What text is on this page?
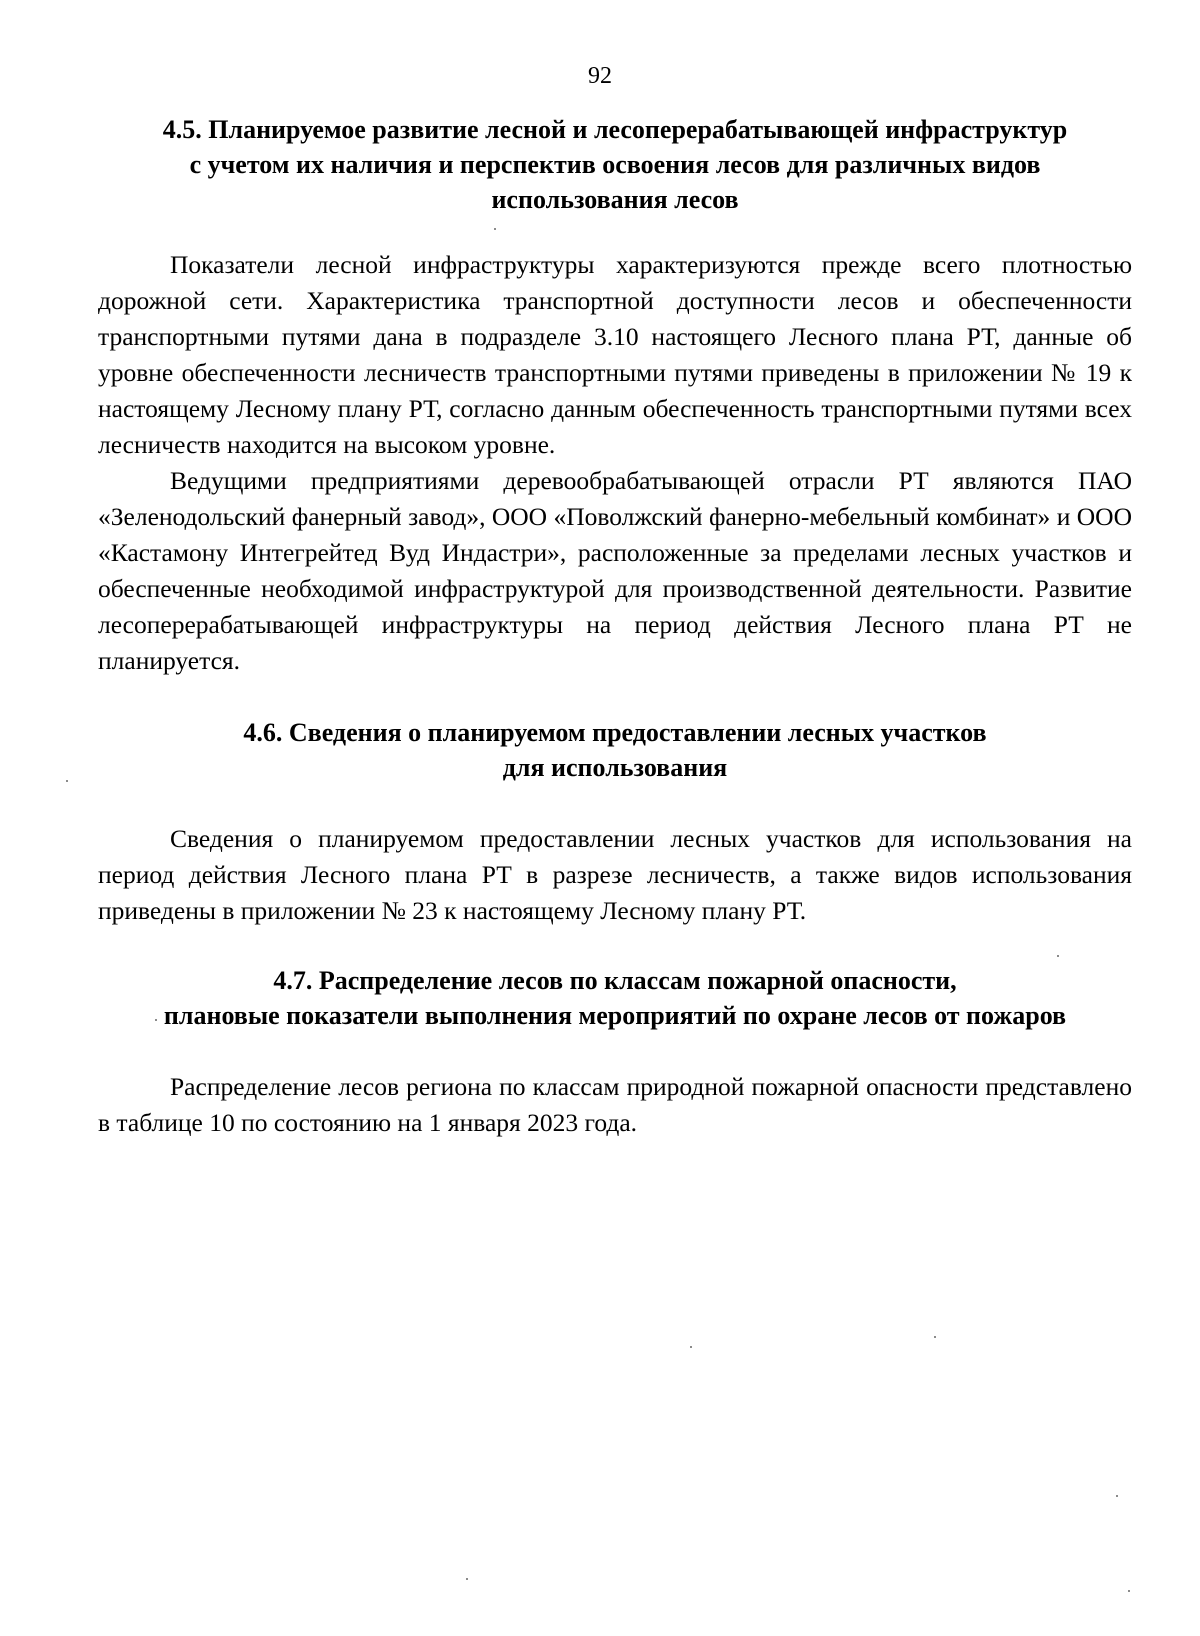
92
4.5. Планируемое развитие лесной и лесоперерабатывающей инфраструктур
с учетом их наличия и перспектив освоения лесов для различных видов
использования лесов

Показатели лесной инфраструктуры характеризуются прежде всего плотностью дорожной сети. Характеристика транспортной доступности лесов и обеспеченности транспортными путями дана в подразделе 3.10 настоящего Лесного плана РТ, данные об уровне обеспеченности лесничеств транспортными путями приведены в приложении № 19 к настоящему Лесному плану РТ, согласно данным обеспеченность транспортными путями всех лесничеств находится на высоком уровне.

Ведущими предприятиями деревообрабатывающей отрасли РТ являются ПАО «Зеленодольский фанерный завод», ООО «Поволжский фанерно-мебельный комбинат» и ООО «Кастамону Интегрейтед Вуд Индастри», расположенные за пределами лесных участков и обеспеченные необходимой инфраструктурой для производственной деятельности. Развитие лесоперерабатывающей инфраструктуры на период действия Лесного плана РТ не планируется.

4.6. Сведения о планируемом предоставлении лесных участков
для использования

Сведения о планируемом предоставлении лесных участков для использования на период действия Лесного плана РТ в разрезе лесничеств, а также видов использования приведены в приложении № 23 к настоящему Лесному плану РТ.

4.7. Распределение лесов по классам пожарной опасности,
плановые показатели выполнения мероприятий по охране лесов от пожаров

Распределение лесов региона по классам природной пожарной опасности представлено в таблице 10 по состоянию на 1 января 2023 года.
